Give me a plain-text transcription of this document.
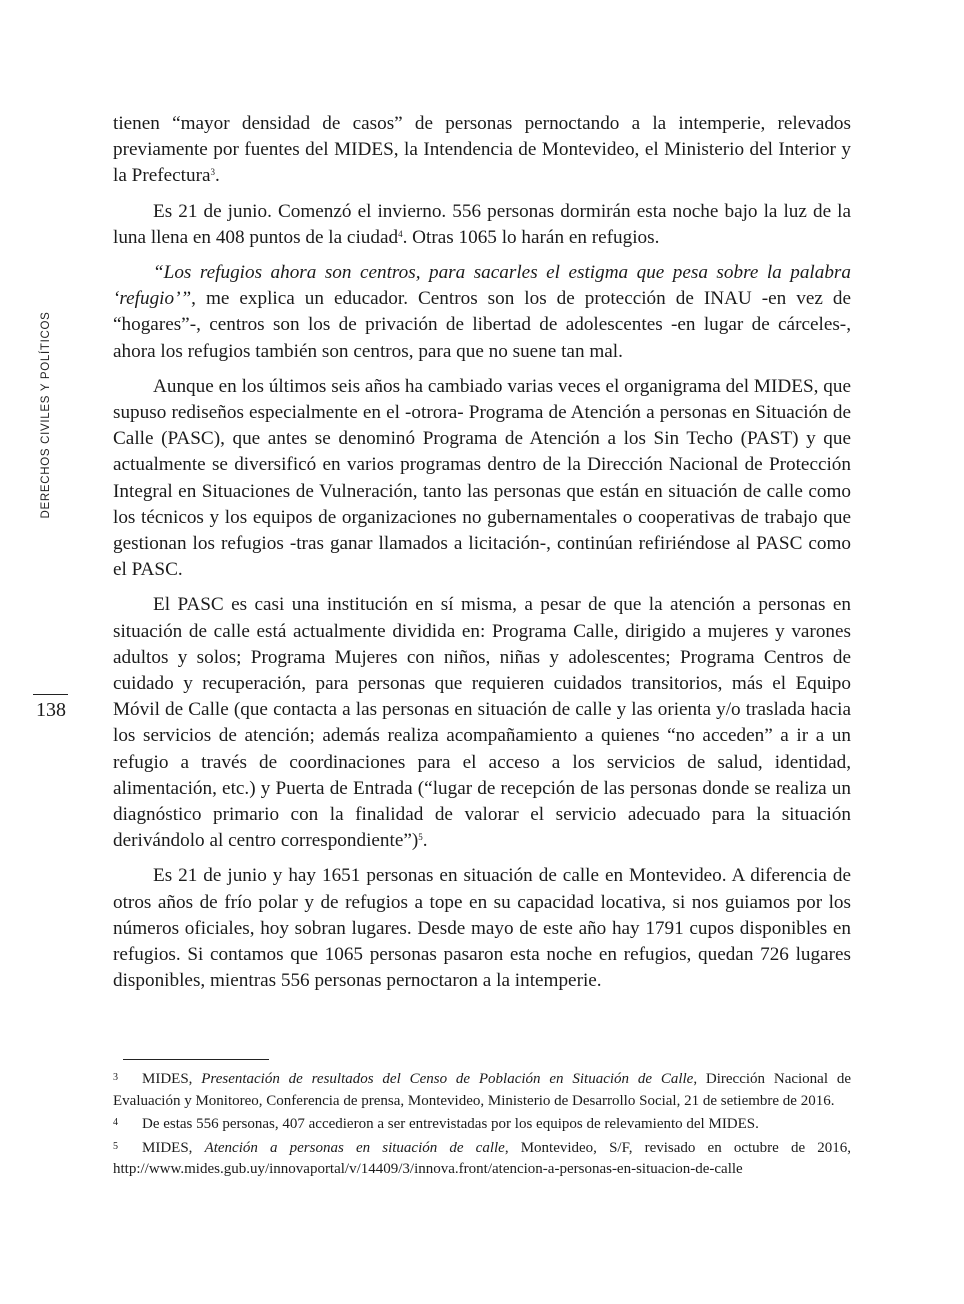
DERECHOS CIVILES Y POLÍTICOS
138

tienen “mayor densidad de casos” de personas pernoctando a la intemperie, relevados previamente por fuentes del MIDES, la Intendencia de Montevideo, el Ministerio del Interior y la Prefectura$^3$.

Es 21 de junio. Comenzó el invierno. 556 personas dormirán esta noche bajo la luz de la luna llena en 408 puntos de la ciudad$^4$. Otras 1065 lo harán en refugios.

“Los refugios ahora son centros, para sacarles el estigma que pesa sobre la palabra ‘refugio’”, me explica un educador. Centros son los de protección de INAU -en vez de “hogares”-, centros son los de privación de libertad de adolescentes -en lugar de cárceles-, ahora los refugios también son centros, para que no suene tan mal.

Aunque en los últimos seis años ha cambiado varias veces el organigrama del MIDES, que supuso rediseños especialmente en el -otrora- Programa de Atención a personas en Situación de Calle (PASC), que antes se denominó Programa de Atención a los Sin Techo (PAST) y que actualmente se diversificó en varios programas dentro de la Dirección Nacional de Protección Integral en Situaciones de Vulneración, tanto las personas que están en situación de calle como los técnicos y los equipos de organizaciones no gubernamentales o cooperativas de trabajo que gestionan los refugios -tras ganar llamados a licitación-, continúan refiriéndose al PASC como el PASC.

El PASC es casi una institución en sí misma, a pesar de que la atención a personas en situación de calle está actualmente dividida en: Programa Calle, dirigido a mujeres y varones adultos y solos; Programa Mujeres con niños, niñas y adolescentes; Programa Centros de cuidado y recuperación, para personas que requieren cuidados transitorios, más el Equipo Móvil de Calle (que contacta a las personas en situación de calle y las orienta y/o traslada hacia los servicios de atención; además realiza acompañamiento a quienes “no acceden” a ir a un refugio a través de coordinaciones para el acceso a los servicios de salud, identidad, alimentación, etc.) y Puerta de Entrada (“lugar de recepción de las personas donde se realiza un diagnóstico primario con la finalidad de valorar el servicio adecuado para la situación derivándolo al centro correspondiente”)$^5$.

Es 21 de junio y hay 1651 personas en situación de calle en Montevideo. A diferencia de otros años de frío polar y de refugios a tope en su capacidad locativa, si nos guiamos por los números oficiales, hoy sobran lugares. Desde mayo de este año hay 1791 cupos disponibles en refugios. Si contamos que 1065 personas pasaron esta noche en refugios, quedan 726 lugares disponibles, mientras 556 personas pernoctaron a la intemperie.

3 MIDES, Presentación de resultados del Censo de Población en Situación de Calle, Dirección Nacional de Evaluación y Monitoreo, Conferencia de prensa, Montevideo, Ministerio de Desarrollo Social, 21 de setiembre de 2016.

4 De estas 556 personas, 407 accedieron a ser entrevistadas por los equipos de relevamiento del MIDES.

5 MIDES, Atención a personas en situación de calle, Montevideo, S/F, revisado en octubre de 2016, http://www.mides.gub.uy/innovaportal/v/14409/3/innova.front/atencion-a-personas-en-situacion-de-calle
